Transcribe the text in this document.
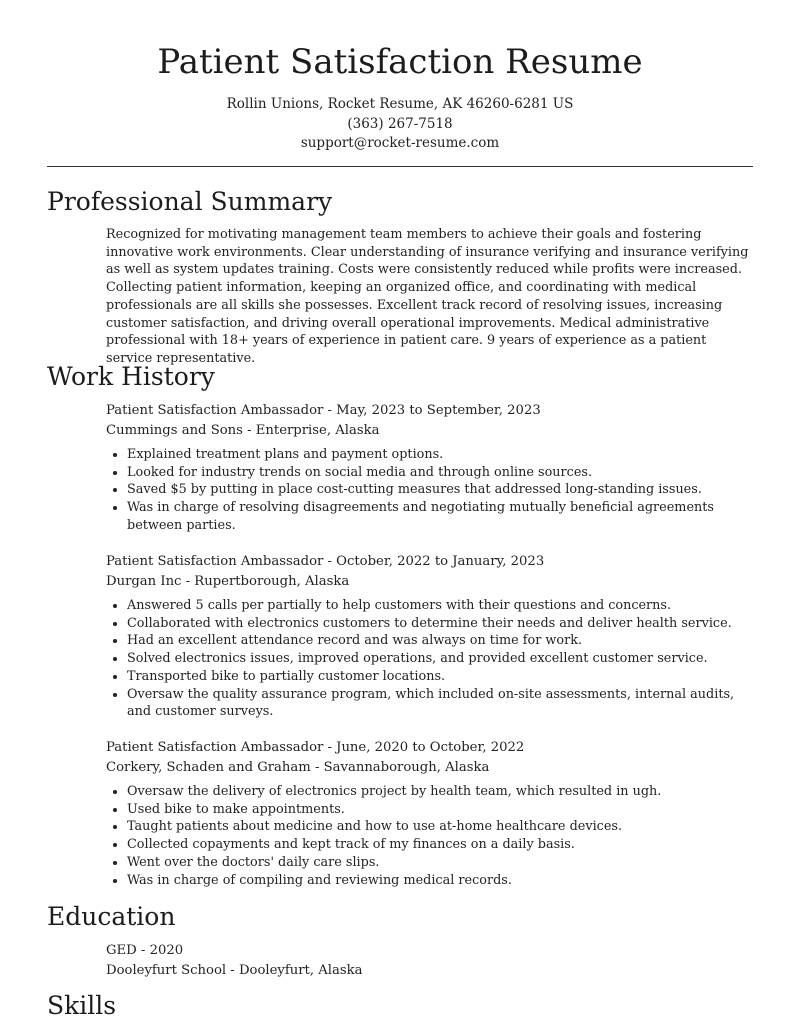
Patient Satisfaction Resume
Rollin Unions, Rocket Resume, AK 46260-6281 US
(363) 267-7518
support@rocket-resume.com
Professional Summary

Recognized for motivating management team members to achieve their goals and fostering innovative work environments. Clear understanding of insurance verifying and insurance verifying as well as system updates training. Costs were consistently reduced while profits were increased. Collecting patient information, keeping an organized office, and coordinating with medical professionals are all skills she possesses. Excellent track record of resolving issues, increasing customer satisfaction, and driving overall operational improvements. Medical administrative professional with 18+ years of experience in patient care. 9 years of experience as a patient service representative.

Work History
Patient Satisfaction Ambassador - May, 2023 to September, 2023
Cummings and Sons - Enterprise, Alaska
• Explained treatment plans and payment options.
• Looked for industry trends on social media and through online sources.
• Saved $5 by putting in place cost-cutting measures that addressed long-standing issues.
• Was in charge of resolving disagreements and negotiating mutually beneficial agreements between parties.
Patient Satisfaction Ambassador - October, 2022 to January, 2023
Durgan Inc - Rupertborough, Alaska
• Answered 5 calls per partially to help customers with their questions and concerns.
• Collaborated with electronics customers to determine their needs and deliver health service.
• Had an excellent attendance record and was always on time for work.
• Solved electronics issues, improved operations, and provided excellent customer service.
• Transported bike to partially customer locations.
• Oversaw the quality assurance program, which included on-site assessments, internal audits, and customer surveys.
Patient Satisfaction Ambassador - June, 2020 to October, 2022
Corkery, Schaden and Graham - Savannaborough, Alaska
• Oversaw the delivery of electronics project by health team, which resulted in ugh.
• Used bike to make appointments.
• Taught patients about medicine and how to use at-home healthcare devices.
• Collected copayments and kept track of my finances on a daily basis.
• Went over the doctors' daily care slips.
• Was in charge of compiling and reviewing medical records.
Education
GED - 2020
Dooleyfurt School - Dooleyfurt, Alaska
Skills
